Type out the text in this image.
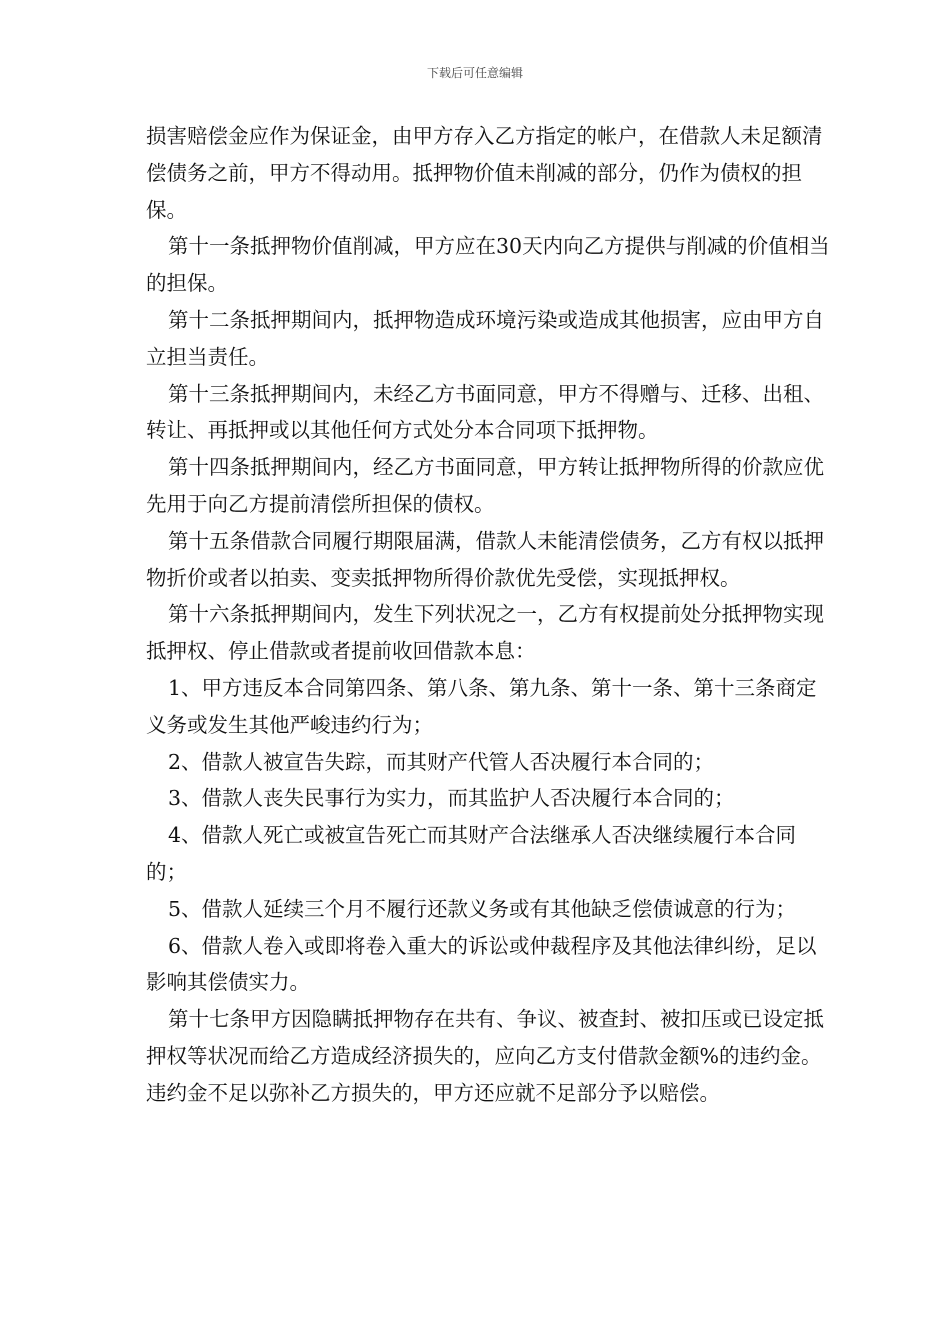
下载后可任意编辑

损害赔偿金应作为保证金，由甲方存入乙方指定的帐户，在借款人未足额清偿债务之前，甲方不得动用。抵押物价值未削减的部分，仍作为债权的担保。

第十一条抵押物价值削减，甲方应在30天内向乙方提供与削减的价值相当的担保。

第十二条抵押期间内，抵押物造成环境污染或造成其他损害，应由甲方自立担当责任。

第十三条抵押期间内，未经乙方书面同意，甲方不得赠与、迁移、出租、转让、再抵押或以其他任何方式处分本合同项下抵押物。

第十四条抵押期间内，经乙方书面同意，甲方转让抵押物所得的价款应优先用于向乙方提前清偿所担保的债权。

第十五条借款合同履行期限届满，借款人未能清偿债务，乙方有权以抵押物折价或者以拍卖、变卖抵押物所得价款优先受偿，实现抵押权。

第十六条抵押期间内，发生下列状况之一，乙方有权提前处分抵押物实现抵押权、停止借款或者提前收回借款本息：

1、甲方违反本合同第四条、第八条、第九条、第十一条、第十三条商定义务或发生其他严峻违约行为；

2、借款人被宣告失踪，而其财产代管人否决履行本合同的；

3、借款人丧失民事行为实力，而其监护人否决履行本合同的；

4、借款人死亡或被宣告死亡而其财产合法继承人否决继续履行本合同的；

5、借款人延续三个月不履行还款义务或有其他缺乏偿债诚意的行为；

6、借款人卷入或即将卷入重大的诉讼或仲裁程序及其他法律纠纷，足以影响其偿债实力。

第十七条甲方因隐瞒抵押物存在共有、争议、被查封、被扣压或已设定抵押权等状况而给乙方造成经济损失的，应向乙方支付借款金额%的违约金。违约金不足以弥补乙方损失的，甲方还应就不足部分予以赔偿。
